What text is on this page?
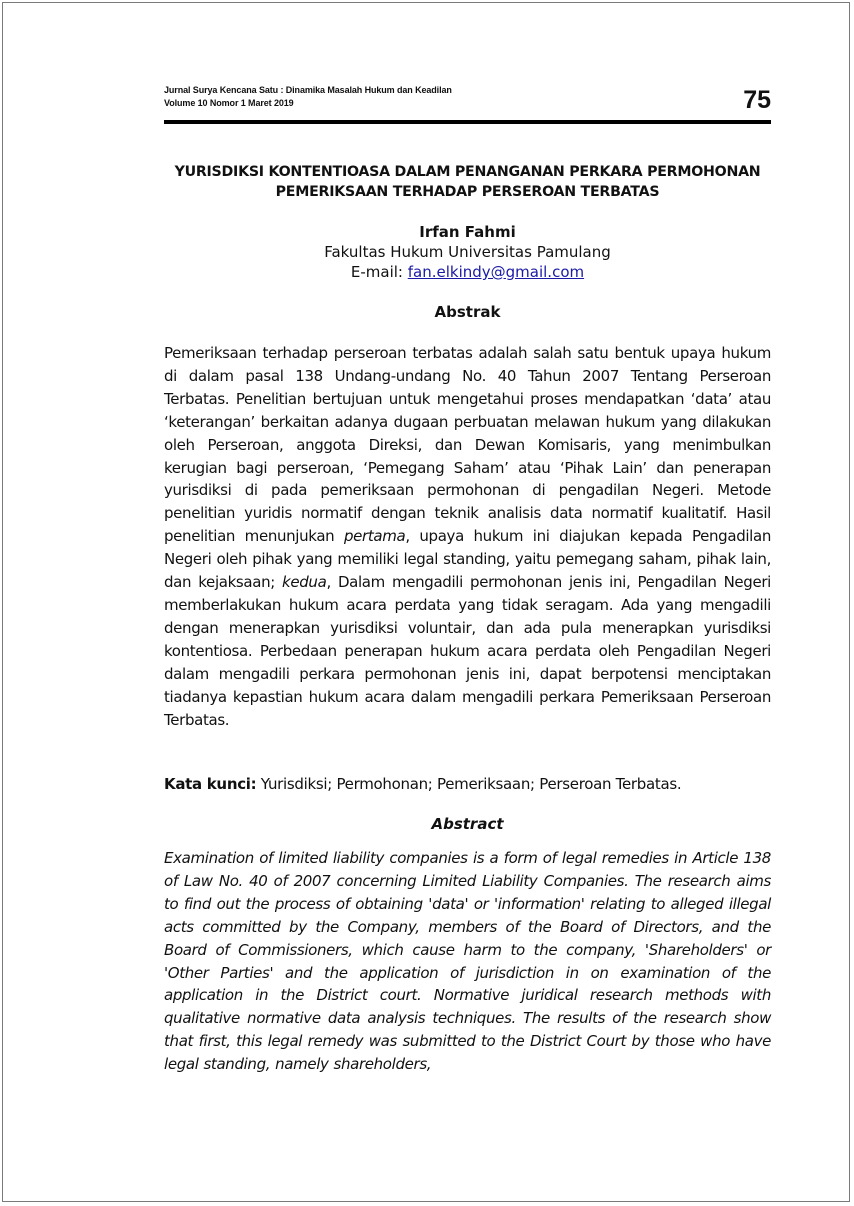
Jurnal Surya Kencana Satu : Dinamika Masalah Hukum dan Keadilan
Volume 10 Nomor 1 Maret 2019	75
YURISDIKSI KONTENTIOASA DALAM PENANGANAN PERKARA PERMOHONAN
PEMERIKSAAN TERHADAP PERSEROAN TERBATAS
Irfan Fahmi
Fakultas Hukum Universitas Pamulang
E-mail: fan.elkindy@gmail.com
Abstrak

Pemeriksaan terhadap perseroan terbatas adalah salah satu bentuk upaya hukum di dalam pasal 138 Undang-undang No. 40 Tahun 2007 Tentang Perseroan Terbatas. Penelitian bertujuan untuk mengetahui proses mendapatkan ‘data’ atau ‘keterangan’ berkaitan adanya dugaan perbuatan melawan hukum yang dilakukan oleh Perseroan, anggota Direksi, dan Dewan Komisaris, yang menimbulkan kerugian bagi perseroan, ‘Pemegang Saham’ atau ‘Pihak Lain’ dan penerapan yurisdiksi di pada pemeriksaan permohonan di pengadilan Negeri. Metode penelitian yuridis normatif dengan teknik analisis data normatif kualitatif. Hasil penelitian menunjukan pertama, upaya hukum ini diajukan kepada Pengadilan Negeri oleh pihak yang memiliki legal standing, yaitu pemegang saham, pihak lain, dan kejaksaan; kedua, Dalam mengadili permohonan jenis ini, Pengadilan Negeri memberlakukan hukum acara perdata yang tidak seragam. Ada yang mengadili dengan menerapkan yurisdiksi voluntair, dan ada pula menerapkan yurisdiksi kontentiosa. Perbedaan penerapan hukum acara perdata oleh Pengadilan Negeri dalam mengadili perkara permohonan jenis ini, dapat berpotensi menciptakan tiadanya kepastian hukum acara dalam mengadili perkara Pemeriksaan Perseroan Terbatas.

Kata kunci: Yurisdiksi; Permohonan; Pemeriksaan; Perseroan Terbatas.
Abstract

Examination of limited liability companies is a form of legal remedies in Article 138 of Law No. 40 of 2007 concerning Limited Liability Companies. The research aims to find out the process of obtaining 'data' or 'information' relating to alleged illegal acts committed by the Company, members of the Board of Directors, and the Board of Commissioners, which cause harm to the company, 'Shareholders' or 'Other Parties' and the application of jurisdiction in on examination of the application in the District court. Normative juridical research methods with qualitative normative data analysis techniques. The results of the research show that first, this legal remedy was submitted to the District Court by those who have legal standing, namely shareholders,
